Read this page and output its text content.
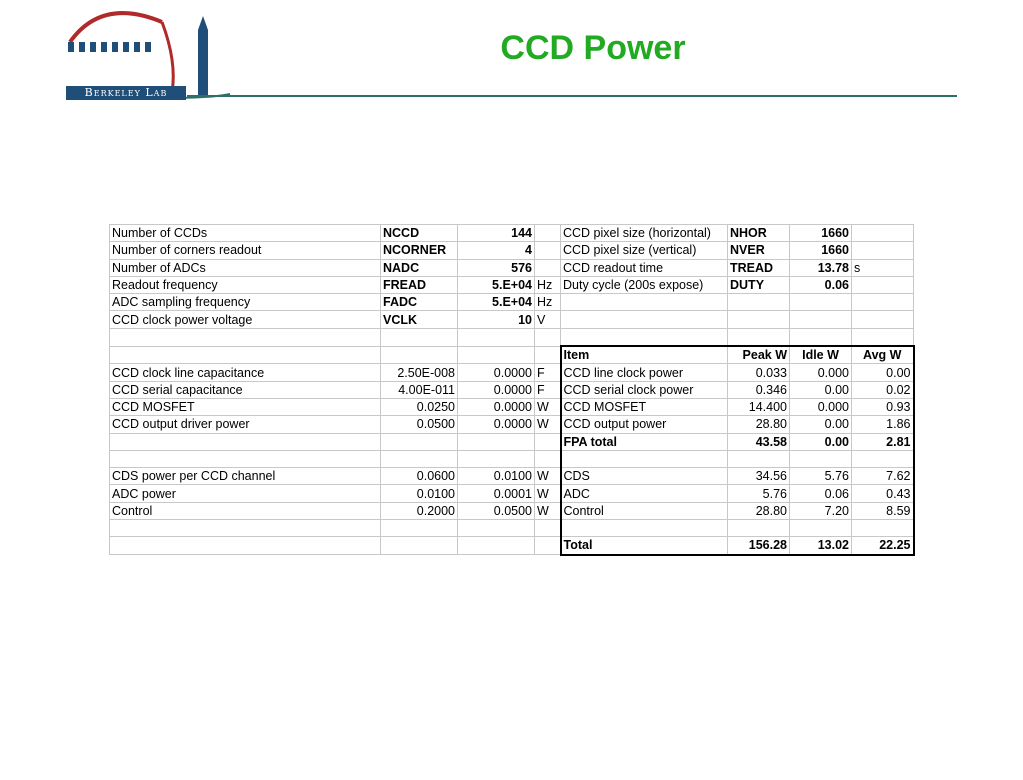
Berkeley Lab
CCD Power
Number of CCDs	NCCD	144		CCD pixel size (horizontal)	NHOR	1660	
Number of corners readout	NCORNER	4		CCD pixel size (vertical)	NVER	1660	
Number of ADCs	NADC	576		CCD readout time	TREAD	13.78	s
Readout frequency	FREAD	5.E+04	Hz	Duty cycle (200s expose)	DUTY	0.06	
ADC sampling frequency	FADC	5.E+04	Hz				
CCD clock power voltage	VCLK	10	V				

				Item	Peak W	Idle W	Avg W
CCD clock line capacitance	2.50E-008	0.0000	F	CCD line clock power	0.033	0.000	0.00
CCD serial capacitance	4.00E-011	0.0000	F	CCD serial clock power	0.346	0.00	0.02
CCD MOSFET	0.0250	0.0000	W	CCD MOSFET	14.400	0.000	0.93
CCD output driver power	0.0500	0.0000	W	CCD output power	28.80	0.00	1.86
				FPA total	43.58	0.00	2.81

CDS power per CCD channel	0.0600	0.0100	W	CDS	34.56	5.76	7.62
ADC power	0.0100	0.0001	W	ADC	5.76	0.06	0.43
Control	0.2000	0.0500	W	Control	28.80	7.20	8.59

				Total	156.28	13.02	22.25
